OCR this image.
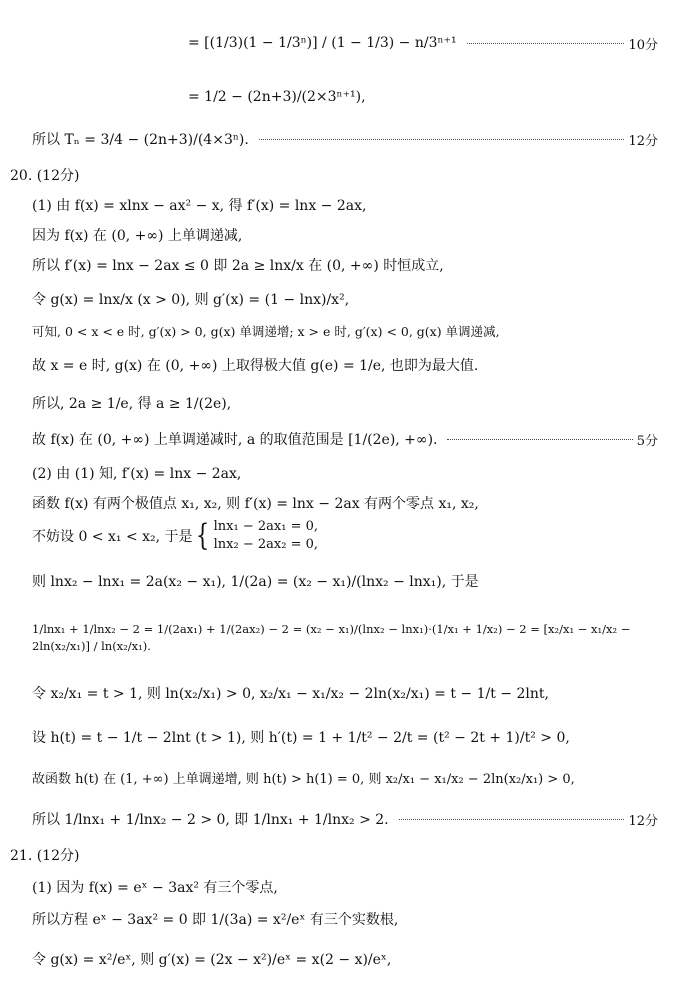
= [(1/3)(1 − 1/3ⁿ)] / (1 − 1/3) − n/3ⁿ⁺¹	10分
= 1/2 − (2n+3)/(2×3ⁿ⁺¹),
所以 Tₙ = 3/4 − (2n+3)/(4×3ⁿ).	12分
20. (12分)
(1) 由 f(x) = xlnx − ax² − x, 得 f′(x) = lnx − 2ax,
因为 f(x) 在 (0, +∞) 上单调递减,
所以 f′(x) = lnx − 2ax ≤ 0 即 2a ≥ lnx/x 在 (0, +∞) 时恒成立,
令 g(x) = lnx/x (x > 0), 则 g′(x) = (1 − lnx)/x²,
可知, 0 < x < e 时, g′(x) > 0, g(x) 单调递增; x > e 时, g′(x) < 0, g(x) 单调递减,
故 x = e 时, g(x) 在 (0, +∞) 上取得极大值 g(e) = 1/e, 也即为最大值.
所以, 2a ≥ 1/e, 得 a ≥ 1/(2e),
故 f(x) 在 (0, +∞) 上单调递减时, a 的取值范围是 [1/(2e), +∞).	5分
(2) 由 (1) 知, f′(x) = lnx − 2ax,
函数 f(x) 有两个极值点 x₁, x₂, 则 f′(x) = lnx − 2ax 有两个零点 x₁, x₂,
不妨设 0 < x₁ < x₂, 于是 { lnx₁ − 2ax₁ = 0,
lnx₂ − 2ax₂ = 0,
则 lnx₂ − lnx₁ = 2a(x₂ − x₁), 1/(2a) = (x₂ − x₁)/(lnx₂ − lnx₁), 于是
1/lnx₁ + 1/lnx₂ − 2 = 1/(2ax₁) + 1/(2ax₂) − 2 = (x₂ − x₁)/(lnx₂ − lnx₁)·(1/x₁ + 1/x₂) − 2 = [x₂/x₁ − x₁/x₂ − 2ln(x₂/x₁)] / ln(x₂/x₁).
令 x₂/x₁ = t > 1, 则 ln(x₂/x₁) > 0, x₂/x₁ − x₁/x₂ − 2ln(x₂/x₁) = t − 1/t − 2lnt,
设 h(t) = t − 1/t − 2lnt (t > 1), 则 h′(t) = 1 + 1/t² − 2/t = (t² − 2t + 1)/t² > 0,
故函数 h(t) 在 (1, +∞) 上单调递增, 则 h(t) > h(1) = 0, 则 x₂/x₁ − x₁/x₂ − 2ln(x₂/x₁) > 0,
所以 1/lnx₁ + 1/lnx₂ − 2 > 0, 即 1/lnx₁ + 1/lnx₂ > 2.	12分
21. (12分)
(1) 因为 f(x) = eˣ − 3ax² 有三个零点,
所以方程 eˣ − 3ax² = 0 即 1/(3a) = x²/eˣ 有三个实数根,
令 g(x) = x²/eˣ, 则 g′(x) = (2x − x²)/eˣ = x(2 − x)/eˣ,
